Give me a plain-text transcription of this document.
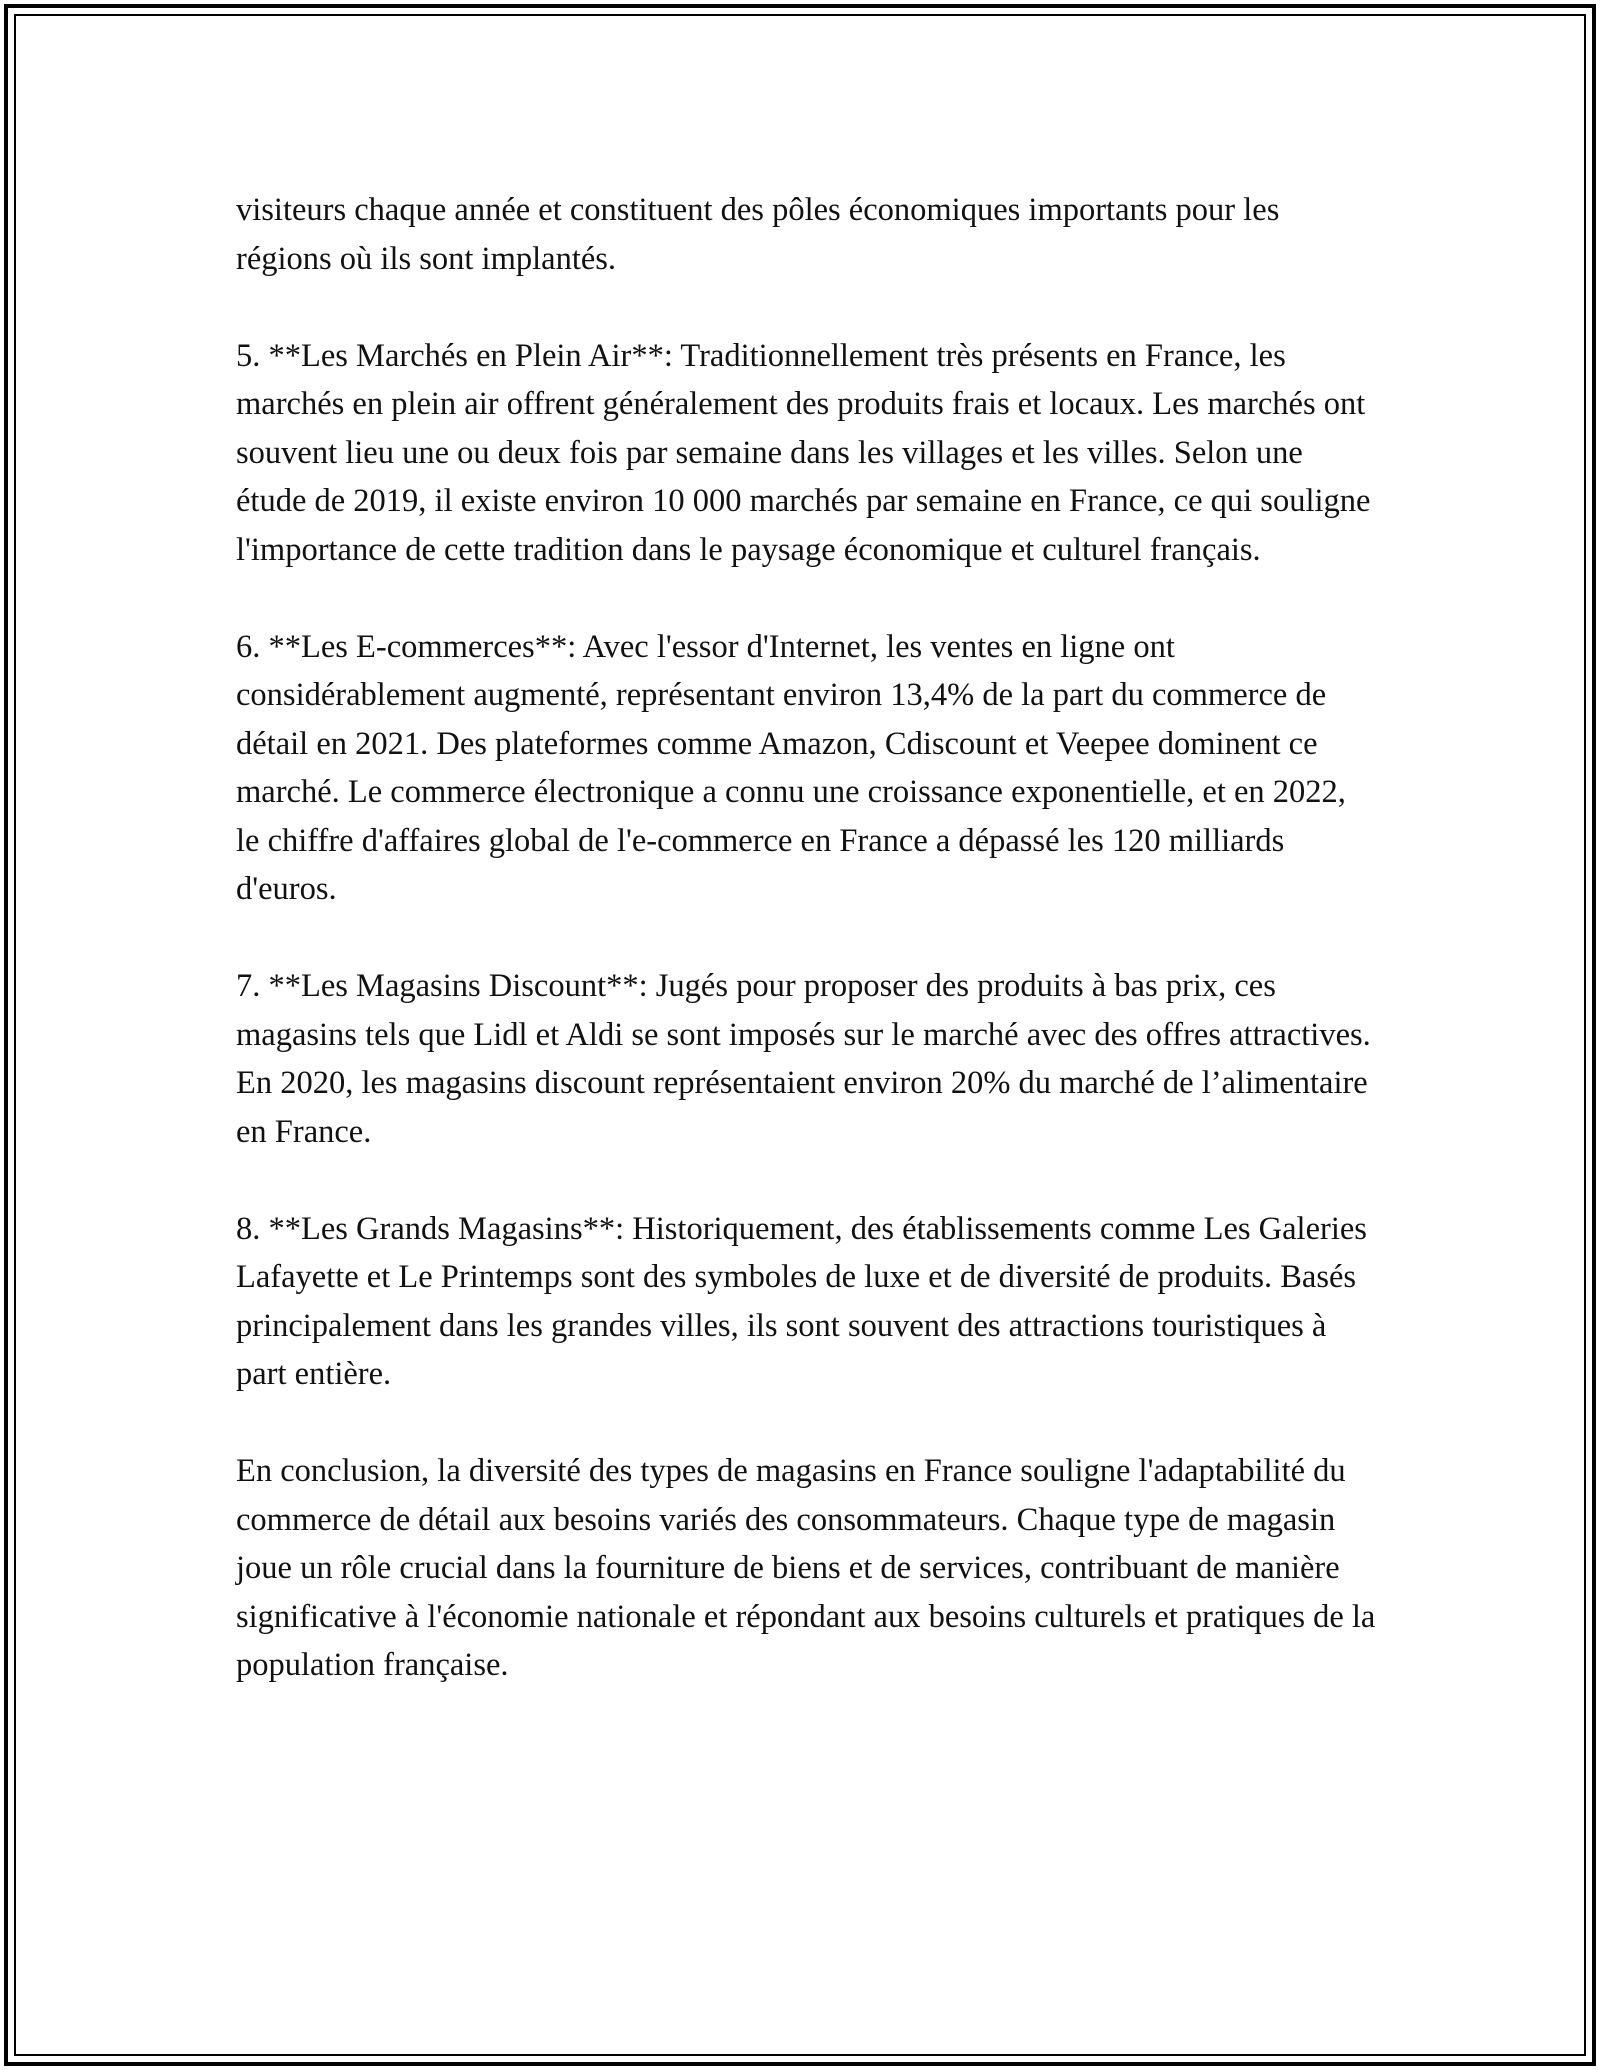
visiteurs chaque année et constituent des pôles économiques importants pour les régions où ils sont implantés.

5. **Les Marchés en Plein Air**: Traditionnellement très présents en France, les marchés en plein air offrent généralement des produits frais et locaux. Les marchés ont souvent lieu une ou deux fois par semaine dans les villages et les villes. Selon une étude de 2019, il existe environ 10 000 marchés par semaine en France, ce qui souligne l'importance de cette tradition dans le paysage économique et culturel français.

6. **Les E-commerces**: Avec l'essor d'Internet, les ventes en ligne ont considérablement augmenté, représentant environ 13,4% de la part du commerce de détail en 2021. Des plateformes comme Amazon, Cdiscount et Veepee dominent ce marché. Le commerce électronique a connu une croissance exponentielle, et en 2022, le chiffre d'affaires global de l'e-commerce en France a dépassé les 120 milliards d'euros.

7. **Les Magasins Discount**: Jugés pour proposer des produits à bas prix, ces magasins tels que Lidl et Aldi se sont imposés sur le marché avec des offres attractives. En 2020, les magasins discount représentaient environ 20% du marché de l’alimentaire en France.

8. **Les Grands Magasins**: Historiquement, des établissements comme Les Galeries Lafayette et Le Printemps sont des symboles de luxe et de diversité de produits. Basés principalement dans les grandes villes, ils sont souvent des attractions touristiques à part entière.

En conclusion, la diversité des types de magasins en France souligne l'adaptabilité du commerce de détail aux besoins variés des consommateurs. Chaque type de magasin joue un rôle crucial dans la fourniture de biens et de services, contribuant de manière significative à l'économie nationale et répondant aux besoins culturels et pratiques de la population française.
